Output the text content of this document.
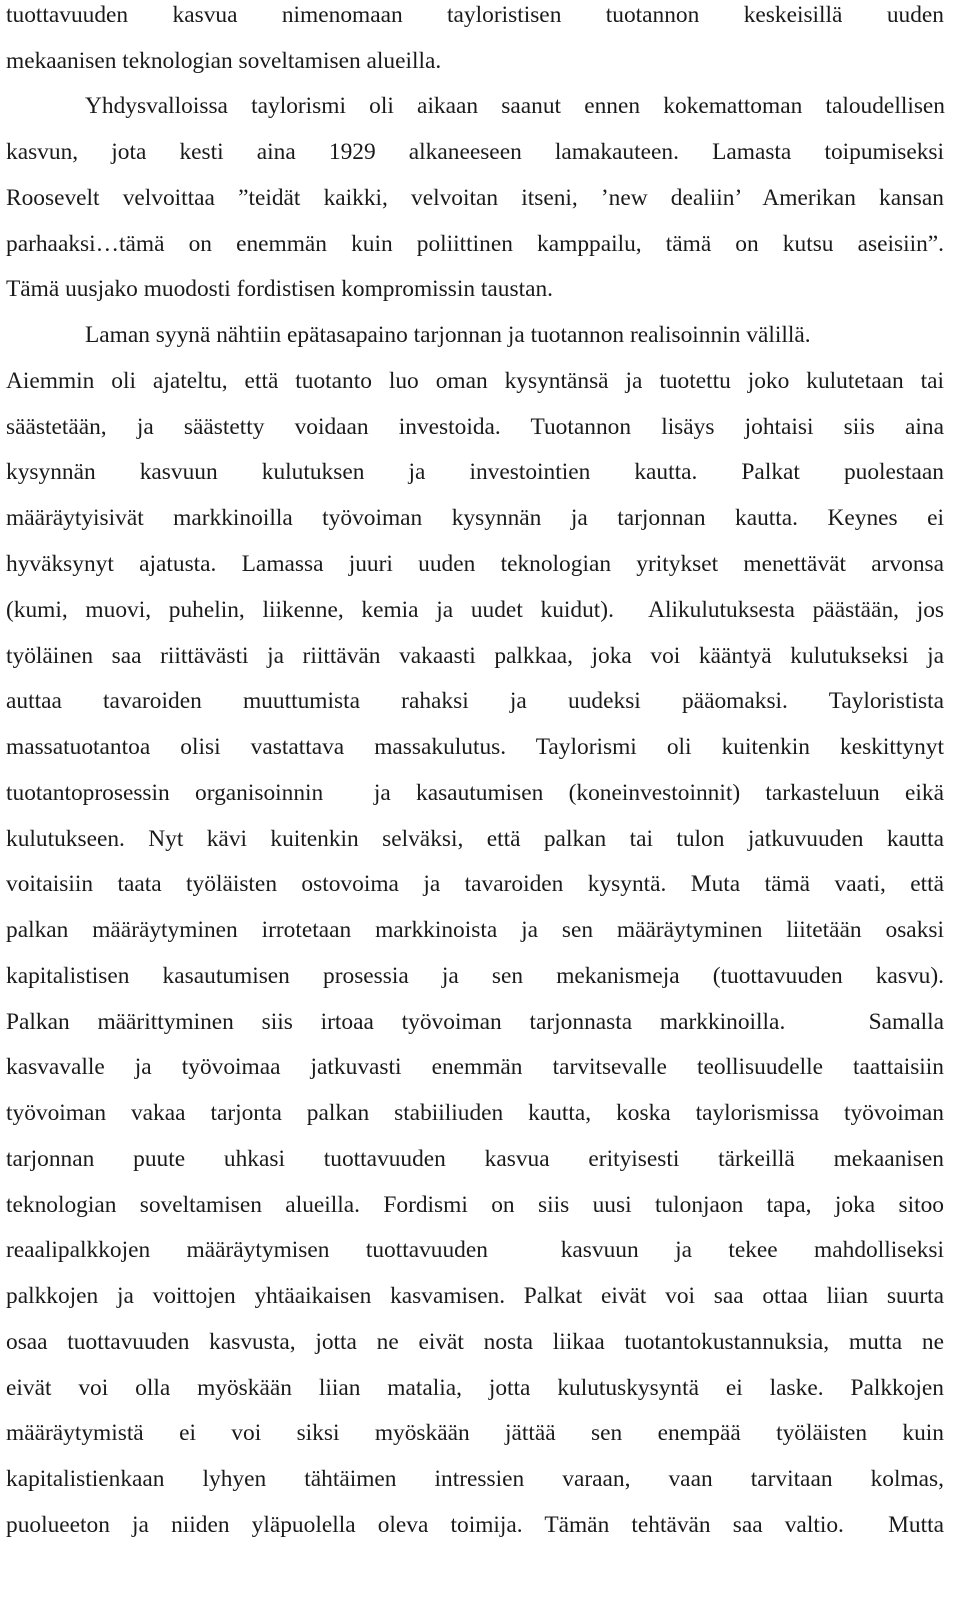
tuottavuuden kasvua nimenomaan tayloristisen tuotannon keskeisillä uuden
mekaanisen teknologian soveltamisen alueilla.
Yhdysvalloissa taylorismi oli aikaan saanut ennen kokemattoman taloudellisen
kasvun, jota kesti aina 1929 alkaneeseen lamakauteen. Lamasta toipumiseksi
Roosevelt velvoittaa ”teidät kaikki, velvoitan itseni, ’new dealiin’ Amerikan kansan
parhaaksi…tämä on enemmän kuin poliittinen kamppailu, tämä on kutsu aseisiin”.
Tämä uusjako muodosti fordistisen kompromissin taustan.
Laman syynä nähtiin epätasapaino tarjonnan ja tuotannon realisoinnin välillä.
Aiemmin oli ajateltu, että tuotanto luo oman kysyntänsä ja tuotettu joko kulutetaan tai
säästetään, ja säästetty voidaan investoida. Tuotannon lisäys johtaisi siis aina
kysynnän kasvuun kulutuksen ja investointien kautta. Palkat puolestaan
määräytyisivät markkinoilla työvoiman kysynnän ja tarjonnan kautta. Keynes ei
hyväksynyt ajatusta. Lamassa juuri uuden teknologian yritykset menettävät arvonsa
(kumi, muovi, puhelin, liikenne, kemia ja uudet kuidut).  Alikulutuksesta päästään, jos
työläinen saa riittävästi ja riittävän vakaasti palkkaa, joka voi kääntyä kulutukseksi ja
auttaa tavaroiden muuttumista rahaksi ja uudeksi pääomaksi. Tayloristista
massatuotantoa olisi vastattava massakulutus. Taylorismi oli kuitenkin keskittynyt
tuotantoprosessin organisoinnin  ja kasautumisen (koneinvestoinnit) tarkasteluun eikä
kulutukseen. Nyt kävi kuitenkin selväksi, että palkan tai tulon jatkuvuuden kautta
voitaisiin taata työläisten ostovoima ja tavaroiden kysyntä. Muta tämä vaati, että
palkan määräytyminen irrotetaan markkinoista ja sen määräytyminen liitetään osaksi
kapitalistisen kasautumisen prosessia ja sen mekanismeja (tuottavuuden kasvu).
Palkan määrittyminen siis irtoaa työvoiman tarjonnasta markkinoilla.   Samalla
kasvavalle ja työvoimaa jatkuvasti enemmän tarvitsevalle teollisuudelle taattaisiin
työvoiman vakaa tarjonta palkan stabiiliuden kautta, koska taylorismissa työvoiman
tarjonnan puute uhkasi tuottavuuden kasvua erityisesti tärkeillä mekaanisen
teknologian soveltamisen alueilla. Fordismi on siis uusi tulonjaon tapa, joka sitoo
reaalipalkkojen määräytymisen tuottavuuden  kasvuun ja tekee mahdolliseksi
palkkojen ja voittojen yhtäaikaisen kasvamisen. Palkat eivät voi saa ottaa liian suurta
osaa tuottavuuden kasvusta, jotta ne eivät nosta liikaa tuotantokustannuksia, mutta ne
eivät voi olla myöskään liian matalia, jotta kulutuskysyntä ei laske. Palkkojen
määräytymistä ei voi siksi myöskään jättää sen enempää työläisten kuin
kapitalistienkaan lyhyen tähtäimen intressien varaan, vaan tarvitaan kolmas,
puolueeton ja niiden yläpuolella oleva toimija. Tämän tehtävän saa valtio.  Mutta
